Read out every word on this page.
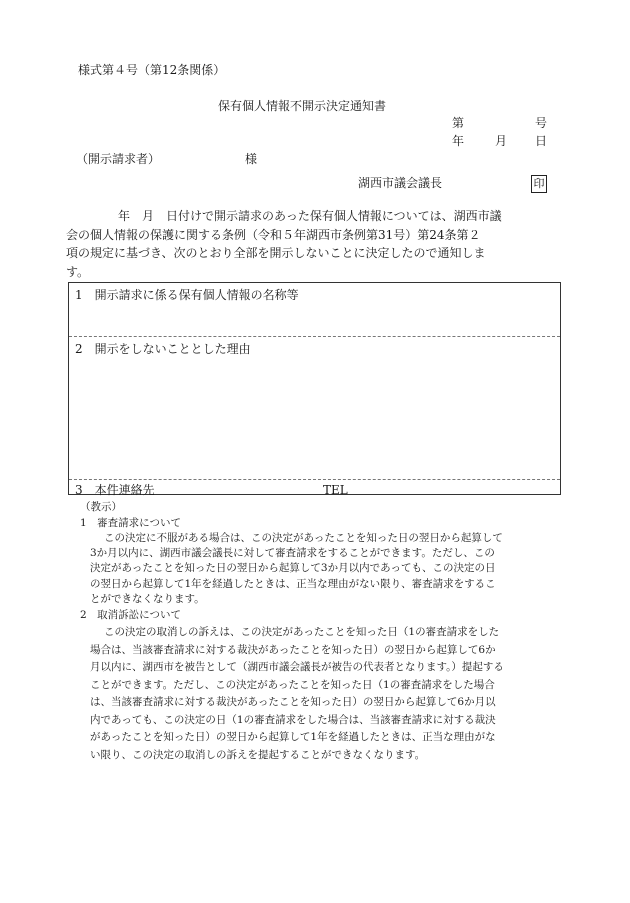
様式第４号（第12条関係）
保有個人情報不開示決定通知書
第	号
年	月 日
（開示請求者）	様
湖西市議会議長	印
年　月　日付けで開示請求のあった保有個人情報については、湖西市議
会の個人情報の保護に関する条例（令和５年湖西市条例第31号）第24条第２
項の規定に基づき、次のとおり全部を開示しないことに決定したので通知しま
す。
1　開示請求に係る保有個人情報の名称等
2　開示をしないこととした理由
3　本件連絡先	TEL
（教示）
1　審査請求について
この決定に不服がある場合は、この決定があったことを知った日の翌日から起算して
3か月以内に、湖西市議会議長に対して審査請求をすることができます。ただし、この
決定があったことを知った日の翌日から起算して3か月以内であっても、この決定の日
の翌日から起算して1年を経過したときは、正当な理由がない限り、審査請求をするこ
とができなくなります。
2　取消訴訟について
この決定の取消しの訴えは、この決定があったことを知った日（1の審査請求をした
場合は、当該審査請求に対する裁決があったことを知った日）の翌日から起算して6か
月以内に、湖西市を被告として（湖西市議会議長が被告の代表者となります。）提起する
ことができます。ただし、この決定があったことを知った日（1の審査請求をした場合
は、当該審査請求に対する裁決があったことを知った日）の翌日から起算して6か月以
内であっても、この決定の日（1の審査請求をした場合は、当該審査請求に対する裁決
があったことを知った日）の翌日から起算して1年を経過したときは、正当な理由がな
い限り、この決定の取消しの訴えを提起することができなくなります。
